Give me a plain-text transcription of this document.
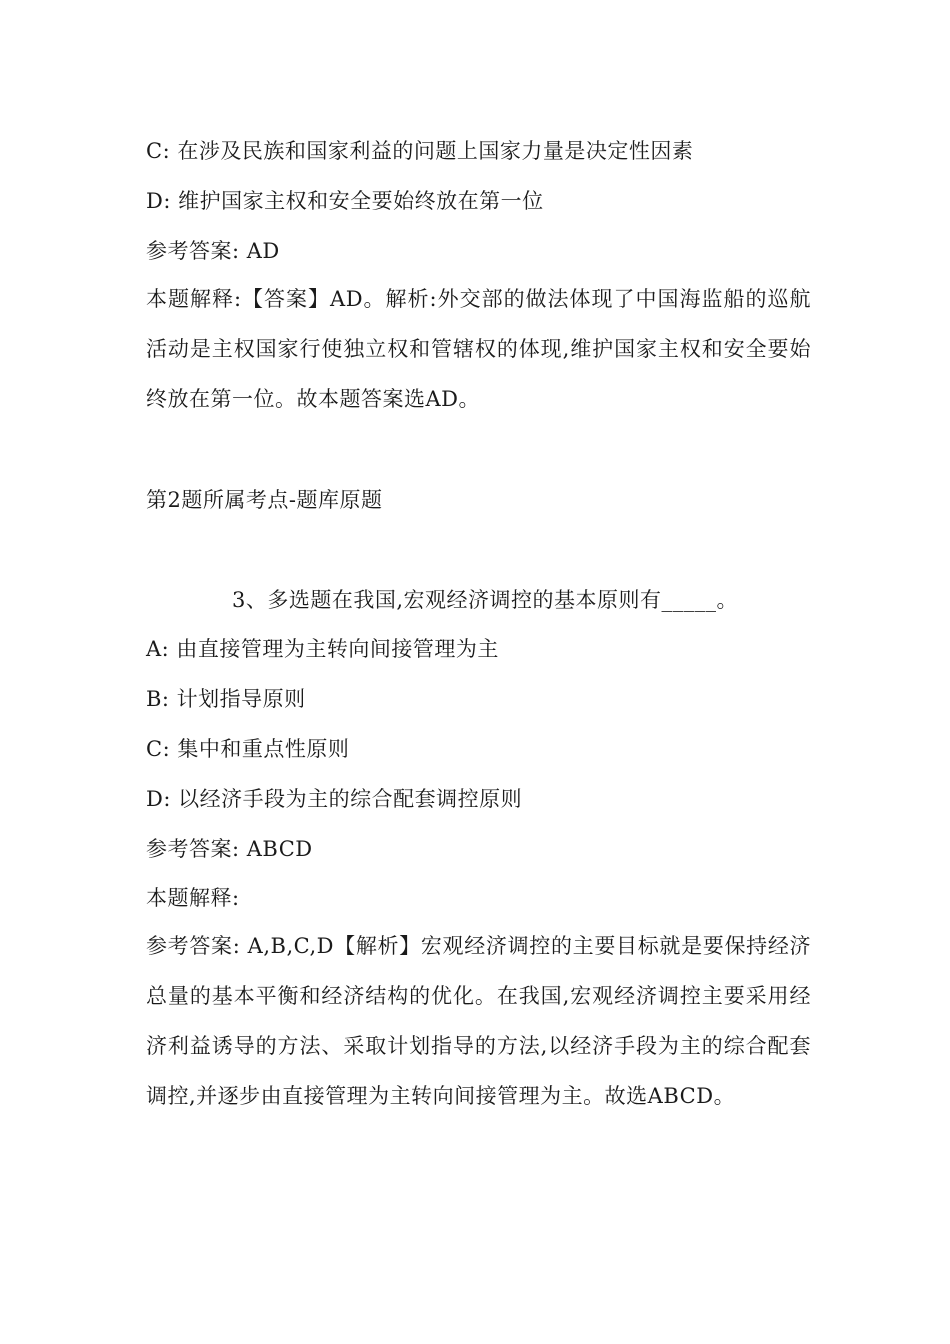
C: 在涉及民族和国家利益的问题上国家力量是决定性因素
D: 维护国家主权和安全要始终放在第一位
参考答案: AD
本题解释:【答案】AD。解析:外交部的做法体现了中国海监船的巡航活动是主权国家行使独立权和管辖权的体现,维护国家主权和安全要始终放在第一位。故本题答案选AD。
第2题所属考点-题库原题
3、多选题在我国,宏观经济调控的基本原则有_____。
A: 由直接管理为主转向间接管理为主
B: 计划指导原则
C: 集中和重点性原则
D: 以经济手段为主的综合配套调控原则
参考答案: ABCD
本题解释:
参考答案: A,B,C,D【解析】宏观经济调控的主要目标就是要保持经济总量的基本平衡和经济结构的优化。在我国,宏观经济调控主要采用经济利益诱导的方法、采取计划指导的方法,以经济手段为主的综合配套调控,并逐步由直接管理为主转向间接管理为主。故选ABCD。
